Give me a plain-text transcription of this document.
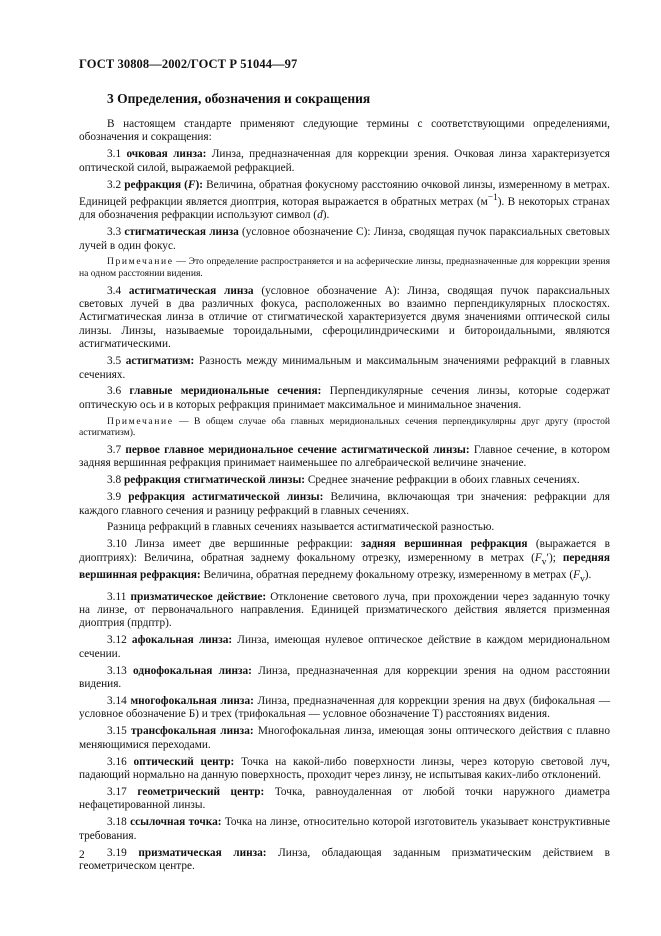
ГОСТ 30808—2002/ГОСТ Р 51044—97
3 Определения, обозначения и сокращения

В настоящем стандарте применяют следующие термины с соответствующими определениями, обозначения и сокращения:

3.1 очковая линза: Линза, предназначенная для коррекции зрения. Очковая линза характеризуется оптической силой, выражаемой рефракцией.

3.2 рефракция (F): Величина, обратная фокусному расстоянию очковой линзы, измеренному в метрах. Единицей рефракции является диоптрия, которая выражается в обратных метрах $(м^{-1})$. В некоторых странах для обозначения рефракции используют символ (d).

3.3 стигматическая линза (условное обозначение С): Линза, сводящая пучок параксиальных световых лучей в один фокус.

Примечание — Это определение распространяется и на асферические линзы, предназначенные для коррекции зрения на одном расстоянии видения.

3.4 астигматическая линза (условное обозначение А): Линза, сводящая пучок параксиальных световых лучей в два различных фокуса, расположенных во взаимно перпендикулярных плоскостях. Астигматическая линза в отличие от стигматической характеризуется двумя значениями оптической силы линзы. Линзы, называемые тороидальными, сфероцилиндрическими и битороидальными, являются астигматическими.

3.5 астигматизм: Разность между минимальным и максимальным значениями рефракций в главных сечениях.

3.6 главные меридиональные сечения: Перпендикулярные сечения линзы, которые содержат оптическую ось и в которых рефракция принимает максимальное и минимальное значения.

Примечание — В общем случае оба главных меридиональных сечения перпендикулярны друг другу (простой астигматизм).

3.7 первое главное меридиональное сечение астигматической линзы: Главное сечение, в котором задняя вершинная рефракция принимает наименьшее по алгебраической величине значение.

3.8 рефракция стигматической линзы: Среднее значение рефракции в обоих главных сечениях.

3.9 рефракция астигматической линзы: Величина, включающая три значения: рефракции для каждого главного сечения и разницу рефракций в главных сечениях.

Разница рефракций в главных сечениях называется астигматической разностью.

3.10 Линза имеет две вершинные рефракции: задняя вершинная рефракция (выражается в диоптриях): Величина, обратная заднему фокальному отрезку, измеренному в метрах $(F_v')$; передняя вершинная рефракция: Величина, обратная переднему фокальному отрезку, измеренному в метрах $(F_v)$.

3.11 призматическое действие: Отклонение светового луча, при прохождении через заданную точку на линзе, от первоначального направления. Единицей призматического действия является призменная диоптрия (прдптр).

3.12 афокальная линза: Линза, имеющая нулевое оптическое действие в каждом меридиональном сечении.

3.13 однофокальная линза: Линза, предназначенная для коррекции зрения на одном расстоянии видения.

3.14 многофокальная линза: Линза, предназначенная для коррекции зрения на двух (бифокальная — условное обозначение Б) и трех (трифокальная — условное обозначение Т) расстояниях видения.

3.15 трансфокальная линза: Многофокальная линза, имеющая зоны оптического действия с плавно меняющимися переходами.

3.16 оптический центр: Точка на какой-либо поверхности линзы, через которую световой луч, падающий нормально на данную поверхность, проходит через линзу, не испытывая каких-либо отклонений.

3.17 геометрический центр: Точка, равноудаленная от любой точки наружного диаметра нефацетированной линзы.

3.18 ссылочная точка: Точка на линзе, относительно которой изготовитель указывает конструктивные требования.

3.19 призматическая линза: Линза, обладающая заданным призматическим действием в геометрическом центре.

2
